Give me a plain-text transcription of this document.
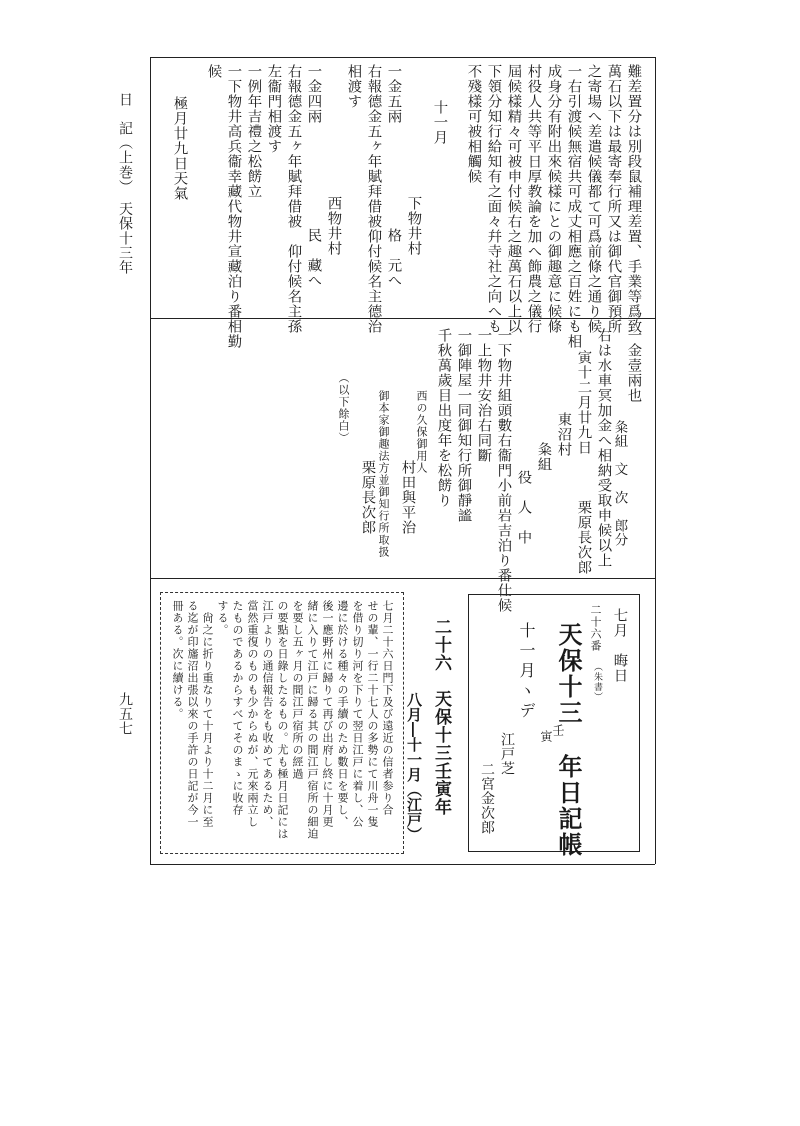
日　記（上巻）　天保十三年
九五七
難差置分は別段鼠補理差置、手業等爲致
萬石以下は最寄奉行所又は御代官御預所
之寄場へ差遣候儀都て可爲前條之通り候
一右引渡候無宿共可成丈相應之百姓にも相
成身分有附出來候樣にとの御趣意に候條
村役人共等平日厚教論を加へ飾農之儀行
屆候樣精々可被申付候右之趣萬石以上以
下領分知行給知有之面々幷寺社之向へも
不殘樣可被相觸候
十一月
下物井村
一金五兩
格　元へ
右報德金五ヶ年賦拜借被仰付候名主德治
相渡す
西物井村
一金四兩
民　藏へ
右報德金五ヶ年賦拜借被　仰付候名主孫
左衞門相渡す
一例年吉禮之松餝立
一下物井高兵衞幸藏代物井宣藏泊り番相勤
候
極月廿九日天氣
一金壹兩也
粂組　文　次　郎分
右は水車冥加金へ相納受取申候以上
寅十二月廿九日
栗原長次郎
東沼村
粂組
役　人　中
一下物井組頭數右衞門小前岩吉泊り番仕候
一上物井安治右同斷
一御陣屋一同御知行所御靜謐
千秋萬歲目出度年を松餝り
西の久保御用人
村田與平治
御本家御趣法方並御知行所取扱
栗原長次郎
（以下餘白）
七月　晦日
二十六番
（朱書）
天保十三
壬
寅
年日記帳
十一月ヽデ
江戸芝
二宮金次郎
二十六　天保十三壬寅年
八月―十一月（江戸）
七月二十六日門下及び遠近の信者参り合
せの輩、一行二十七人の多勢にて川舟一隻
を借り切り河を下りて翌日江戸に着し、公
邊に於ける種々の手續のため數日を要し、
後一應野州に歸りて再び出府し終に十月更
緒に入りて江戸に歸る其の間江戸宿所の細迫
を要し五ヶ月の間江戸宿所の經過
の要點を日錄したるもの。尤も極月日記には
江戸よりの通信報告をも收めてあるため、
當然重復のものも少からぬが、元來兩立し
たものであるからすべてそのまゝに收存
する。
尙之に折り重なりて十月より十二月に至
る迄が印旛沼出張以來の手許の日記が今一
冊ある。次に續ける。
